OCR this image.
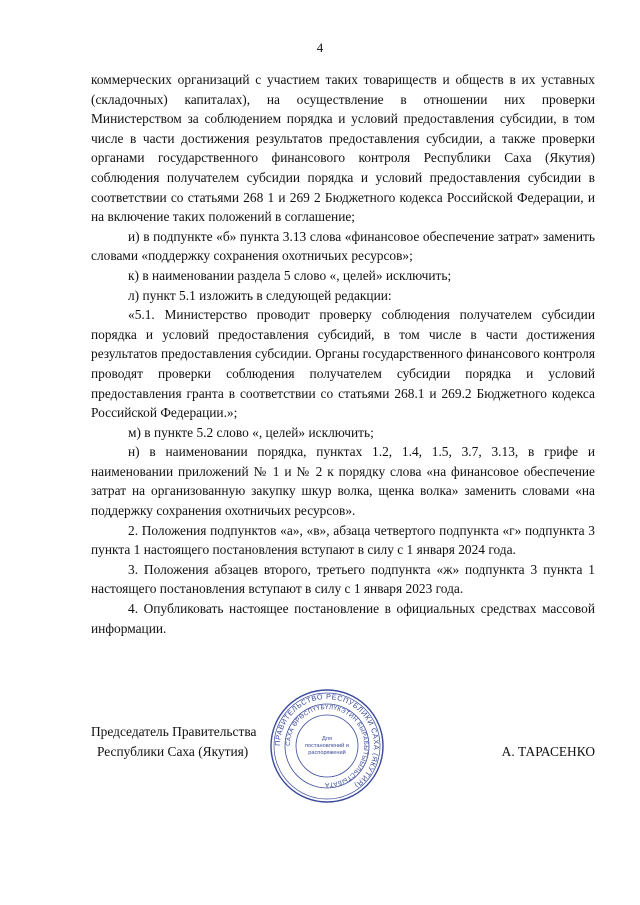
4

коммерческих организаций с участием таких товариществ и обществ в их уставных (складочных) капиталах), на осуществление в отношении них проверки Министерством за соблюдением порядка и условий предоставления субсидии, в том числе в части достижения результатов предоставления субсидии, а также проверки органами государственного финансового контроля Республики Саха (Якутия) соблюдения получателем субсидии порядка и условий предоставления субсидии в соответствии со статьями 268 1 и 269 2 Бюджетного кодекса Российской Федерации, и на включение таких положений в соглашение;

и) в подпункте «б» пункта 3.13 слова «финансовое обеспечение затрат» заменить словами «поддержку сохранения охотничьих ресурсов»;

к) в наименовании раздела 5 слово «, целей» исключить;

л) пункт 5.1 изложить в следующей редакции:

«5.1. Министерство проводит проверку соблюдения получателем субсидии порядка и условий предоставления субсидий, в том числе в части достижения результатов предоставления субсидии. Органы государственного финансового контроля проводят проверки соблюдения получателем субсидии порядка и условий предоставления гранта в соответствии со статьями 268.1 и 269.2 Бюджетного кодекса Российской Федерации.»;

м) в пункте 5.2 слово «, целей» исключить;

н) в наименовании порядка, пунктах 1.2, 1.4, 1.5, 3.7, 3.13, в грифе и наименовании приложений № 1 и № 2 к порядку слова «на финансовое обеспечение затрат на организованную закупку шкур волка, щенка волка» заменить словами «на поддержку сохранения охотничьих ресурсов».

2. Положения подпунктов «а», «в», абзаца четвертого подпункта «г» подпункта 3 пункта 1 настоящего постановления вступают в силу с 1 января 2024 года.

3. Положения абзацев второго, третьего подпункта «ж» подпункта 3 пункта 1 настоящего постановления вступают в силу с 1 января 2023 года.

4. Опубликовать настоящее постановление в официальных средствах массовой информации.

Председатель Правительства
Республики Саха (Якутия)	А. ТАРАСЕНКО
ПРАВИТЕЛЬСТВО РЕСПУБЛИКИ САХА (ЯКУТИЯ)
САХА ӨРӨСПҮҮБҮЛҮКЭТИН БЫРАБЫТЫЫЛЬСТЫБАТА
Для
постановлений и
распоряжений
